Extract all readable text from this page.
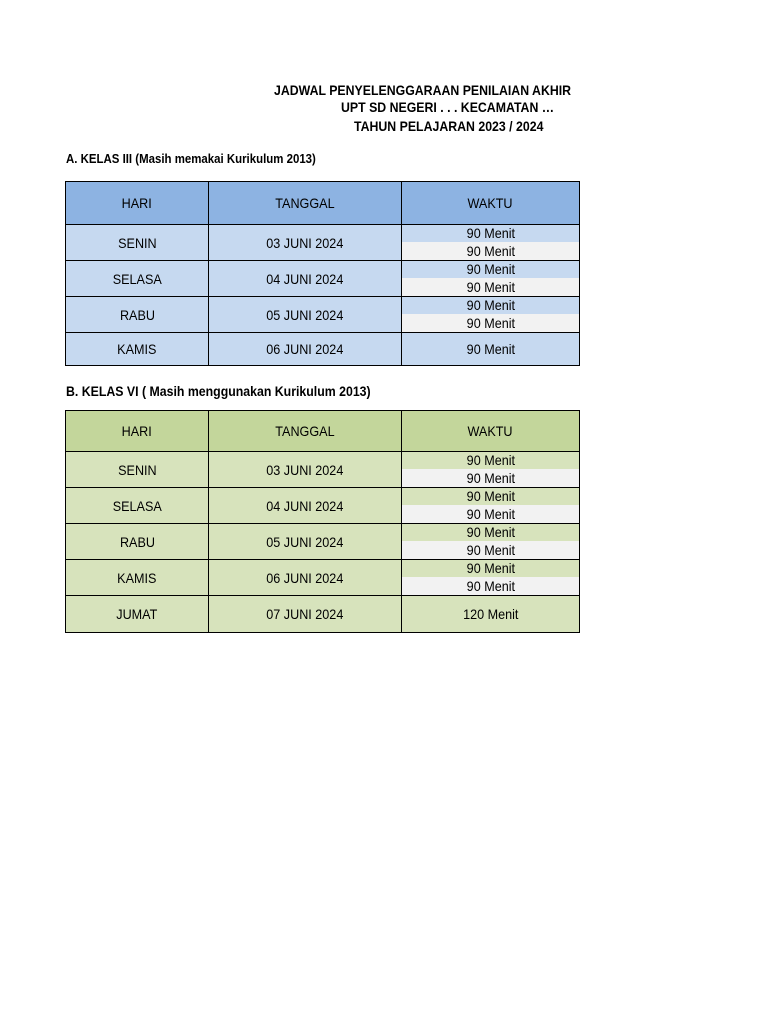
JADWAL PENYELENGGARAAN PENILAIAN AKHIR
UPT SD NEGERI . . . KECAMATAN …
TAHUN PELAJARAN 2023 / 2024
A. KELAS III (Masih memakai Kurikulum 2013)
HARI	TANGGAL	WAKTU
SENIN	03 JUNI 2024	90 Menit
90 Menit

SELASA	04 JUNI 2024	90 Menit
90 Menit

RABU	05 JUNI 2024	90 Menit
90 Menit

KAMIS	06 JUNI 2024	90 Menit
B. KELAS VI ( Masih menggunakan Kurikulum 2013)
HARI	TANGGAL	WAKTU
SENIN	03 JUNI 2024	90 Menit
90 Menit

SELASA	04 JUNI 2024	90 Menit
90 Menit

RABU	05 JUNI 2024	90 Menit
90 Menit

KAMIS	06 JUNI 2024	90 Menit
90 Menit

JUMAT	07 JUNI 2024	120 Menit
